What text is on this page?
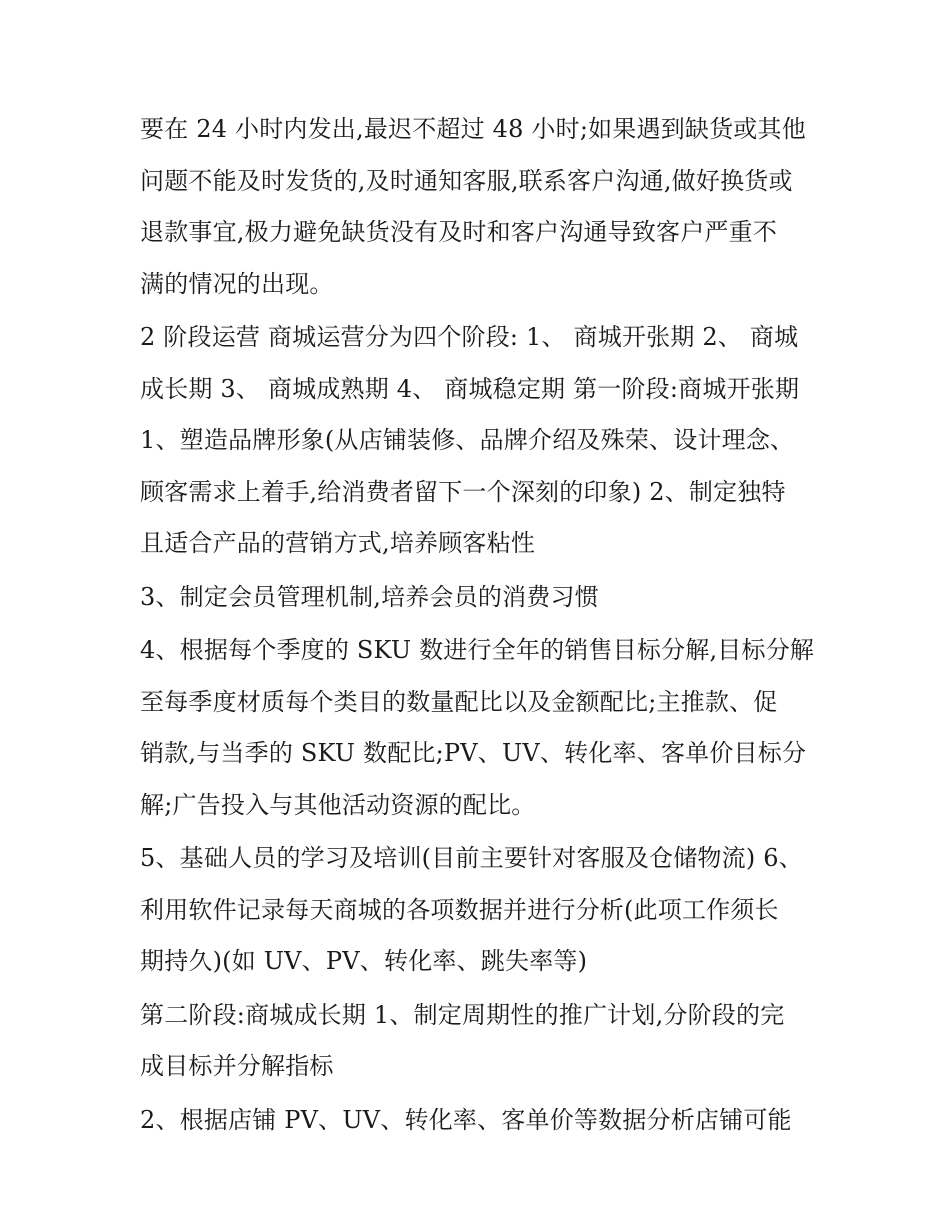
要在 24 小时内发出,最迟不超过 48 小时;如果遇到缺货或其他
问题不能及时发货的,及时通知客服,联系客户沟通,做好换货或
退款事宜,极力避免缺货没有及时和客户沟通导致客户严重不
满的情况的出现。

2 阶段运营 商城运营分为四个阶段: 1、 商城开张期 2、 商城
成长期 3、 商城成熟期 4、 商城稳定期 第一阶段:商城开张期
1、塑造品牌形象(从店铺装修、品牌介绍及殊荣、设计理念、
顾客需求上着手,给消费者留下一个深刻的印象) 2、制定独特
且适合产品的营销方式,培养顾客粘性

3、制定会员管理机制,培养会员的消费习惯

4、根据每个季度的 SKU 数进行全年的销售目标分解,目标分解
至每季度材质每个类目的数量配比以及金额配比;主推款、促
销款,与当季的 SKU 数配比;PV、UV、转化率、客单价目标分
解;广告投入与其他活动资源的配比。

5、基础人员的学习及培训(目前主要针对客服及仓储物流) 6、
利用软件记录每天商城的各项数据并进行分析(此项工作须长
期持久)(如 UV、PV、转化率、跳失率等)

第二阶段:商城成长期 1、制定周期性的推广计划,分阶段的完
成目标并分解指标

2、根据店铺 PV、UV、转化率、客单价等数据分析店铺可能
